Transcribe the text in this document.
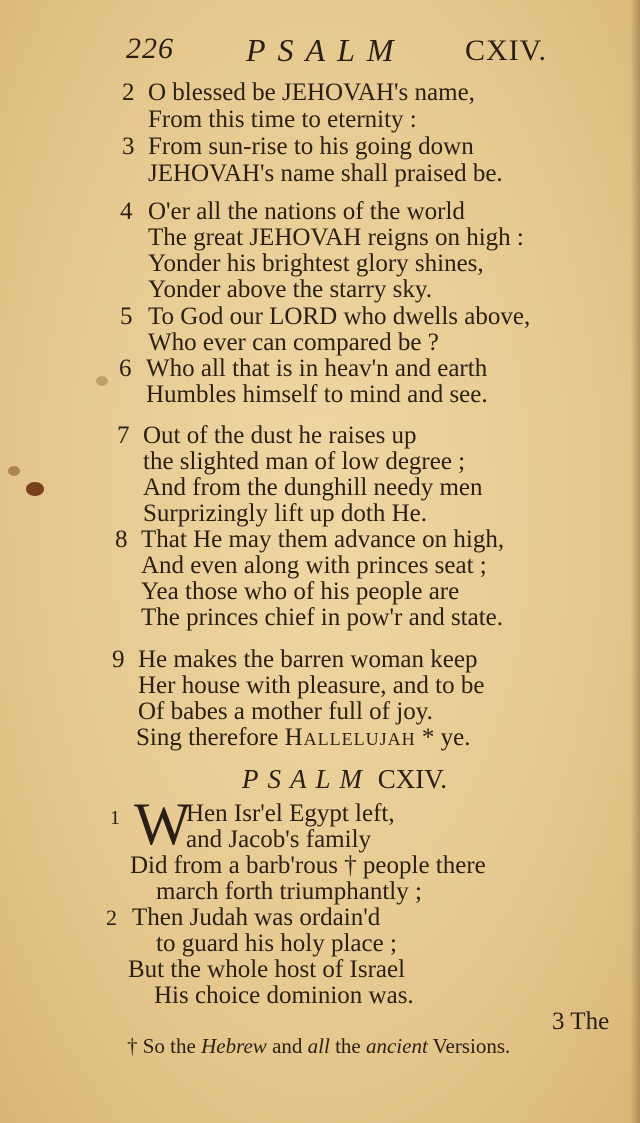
226 PSALM CXIV.
2 O blessed be JEHOVAH's name,
From this time to eternity :
3 From sun-rise to his going down
JEHOVAH's name shall praised be.
4 O'er all the nations of the world
The great JEHOVAH reigns on high :
Yonder his brightest glory shines,
Yonder above the starry sky.
5 To God our LORD who dwells above,
Who ever can compared be ?
6 Who all that is in heav'n and earth
Humbles himself to mind and see.
7 Out of the dust he raises up
the slighted man of low degree ;
And from the dunghill needy men
Surprizingly lift up doth He.
8 That He may them advance on high,
And even along with princes seat ;
Yea those who of his people are
The princes chief in pow'r and state.
9 He makes the barren woman keep
Her house with pleasure, and to be
Of babes a mother full of joy.
Sing therefore Hallelujah * ye.
PSALM CXIV.
1 W
Hen Isr'el Egypt left,
and Jacob's family
Did from a barb'rous † people there
march forth triumphantly ;
2 Then Judah was ordain'd
to guard his holy place ;
But the whole host of Israel
His choice dominion was.
3 The
† So the Hebrew and all the ancient Versions.
